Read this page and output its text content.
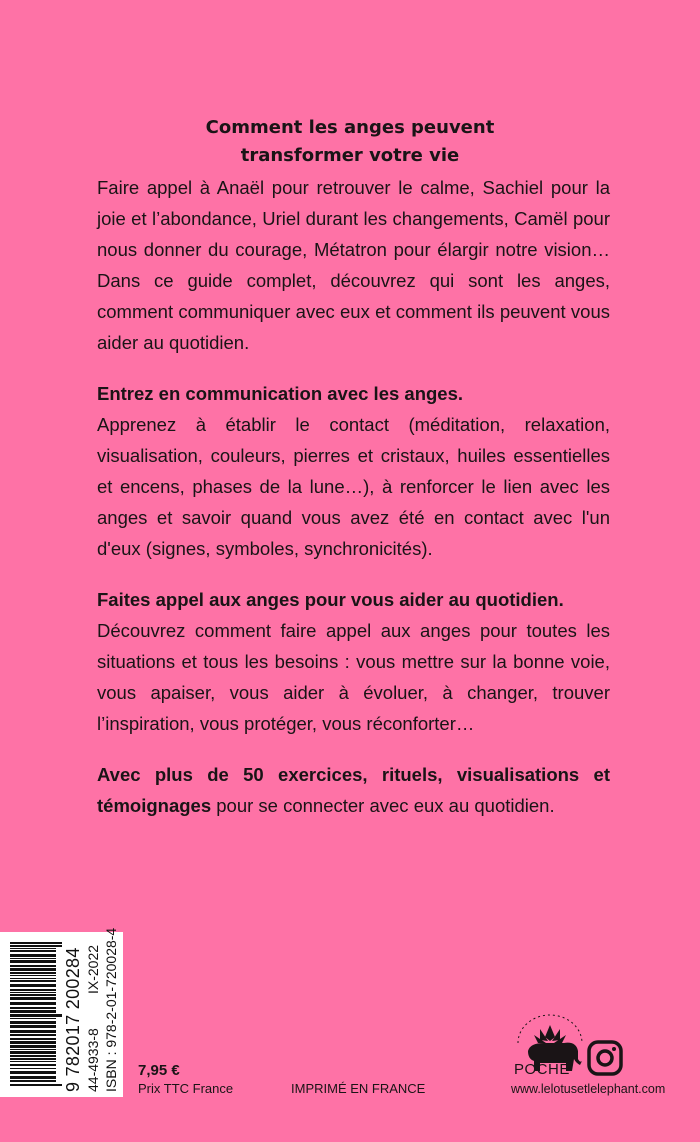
Comment les anges peuvent
transformer votre vie

Faire appel à Anaël pour retrouver le calme, Sachiel pour la joie et l’abondance, Uriel durant les changements, Camël pour nous donner du courage, Métatron pour élargir notre vision… Dans ce guide complet, découvrez qui sont les anges, comment communiquer avec eux et comment ils peuvent vous aider au quotidien.

Entrez en communication avec les anges.

Apprenez à établir le contact (méditation, relaxation, visualisation, couleurs, pierres et cristaux, huiles essentielles et encens, phases de la lune…), à renforcer le lien avec les anges et savoir quand vous avez été en contact avec l'un d'eux (signes, symboles, synchronicités).

Faites appel aux anges pour vous aider au quotidien.

Découvrez comment faire appel aux anges pour toutes les situations et tous les besoins : vous mettre sur la bonne voie, vous apaiser, vous aider à évoluer, à changer, trouver l’inspiration, vous protéger, vous réconforter…

Avec plus de 50 exercices, rituels, visualisations et témoignages pour se connecter avec eux au quotidien.

9 782017 200284 44-4933-8
IX-2022 ISBN : 978-2-01-720028-4 7,95 €
Prix TTC France	IMPRIMÉ EN FRANCE
POCHE
www.lelotusetlelephant.com
